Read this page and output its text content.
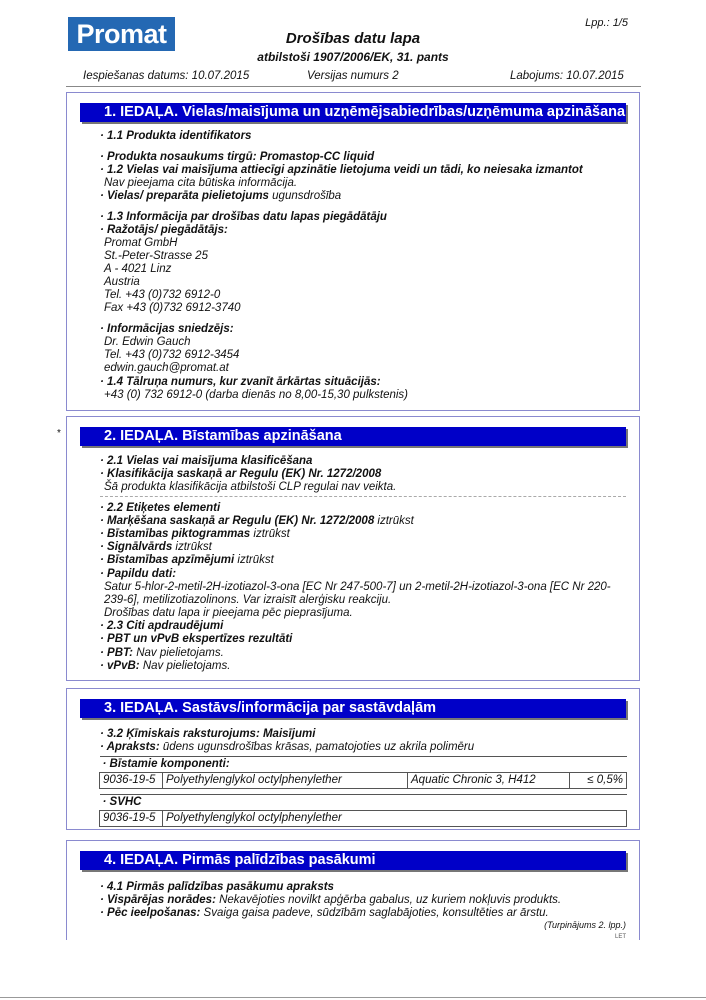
Promat	Lpp.: 1/5
Drošības datu lapa
atbilstoši 1907/2006/EK, 31. pants
Iespiešanas datums: 10.07.2015	Versijas numurs 2	Labojums: 10.07.2015
1. IEDAĻA. Vielas/maisījuma un uzņēmējsabiedrības/uzņēmuma apzināšana
· 1.1 Produkta identifikators
· Produkta nosaukums tirgū: Promastop-CC liquid
· 1.2 Vielas vai maisījuma attiecīgi apzinātie lietojuma veidi un tādi, ko neiesaka izmantot
Nav pieejama cita būtiska informācija.
· Vielas/ preparāta pielietojums ugunsdrošība
· 1.3 Informācija par drošības datu lapas piegādātāju
· Ražotājs/ piegādātājs:
Promat GmbH
St.-Peter-Strasse 25
A - 4021 Linz
Austria
Tel. +43 (0)732 6912-0
Fax +43 (0)732 6912-3740
· Informācijas sniedzējs:
Dr. Edwin Gauch
Tel. +43 (0)732 6912-3454
edwin.gauch@promat.at
· 1.4 Tālruņa numurs, kur zvanīt ārkārtas situācijās:
+43 (0) 732 6912-0 (darba dienās no 8,00-15,30 pulkstenis)
*	2. IEDAĻA. Bīstamības apzināšana
· 2.1 Vielas vai maisījuma klasificēšana
· Klasifikācija saskaņā ar Regulu (EK) Nr. 1272/2008
Šā produkta klasifikācija atbilstoši CLP regulai nav veikta.
· 2.2 Etiķetes elementi
· Marķēšana saskaņā ar Regulu (EK) Nr. 1272/2008 iztrūkst
· Bīstamības piktogrammas iztrūkst
· Signālvārds iztrūkst
· Bīstamības apzīmējumi iztrūkst
· Papildu dati:
Satur 5-hlor-2-metil-2H-izotiazol-3-ona [EC Nr 247-500-7] un 2-metil-2H-izotiazol-3-ona [EC Nr 220-
239-6], metilizotiazolinons. Var izraisīt alerģisku reakciju.
Drošības datu lapa ir pieejama pēc pieprasījuma.
· 2.3 Citi apdraudējumi
· PBT un vPvB ekspertīzes rezultāti
· PBT: Nav pielietojams.
· vPvB: Nav pielietojams.
3. IEDAĻA. Sastāvs/informācija par sastāvdaļām
· 3.2 Ķīmiskais raksturojums: Maisījumi
· Apraksts: ūdens ugunsdrošības krāsas, pamatojoties uz akrila polimēru
· Bīstamie komponenti:
9036-19-5	Polyethylenglykol octylphenylether	Aquatic Chronic 3, H412	≤ 0,5%
· SVHC
9036-19-5	Polyethylenglykol octylphenylether
4. IEDAĻA. Pirmās palīdzības pasākumi
· 4.1 Pirmās palīdzības pasākumu apraksts
· Vispārējas norādes: Nekavējoties novilkt apģērba gabalus, uz kuriem nokļuvis produkts.
· Pēc ieelpošanas: Svaiga gaisa padeve, sūdzībām saglabājoties, konsultēties ar ārstu.
(Turpinājums 2. lpp.)
LET
